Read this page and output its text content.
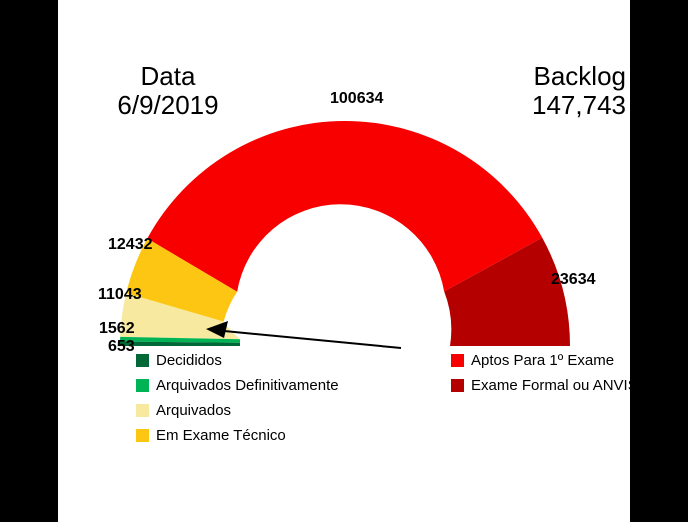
Data
6/9/2019
Backlog
147,743
100634
23634
12432
11043
1562
653
Decididos
Arquivados Definitivamente
Arquivados
Em Exame Técnico
Aptos Para 1º Exame
Exame Formal ou ANVISA
